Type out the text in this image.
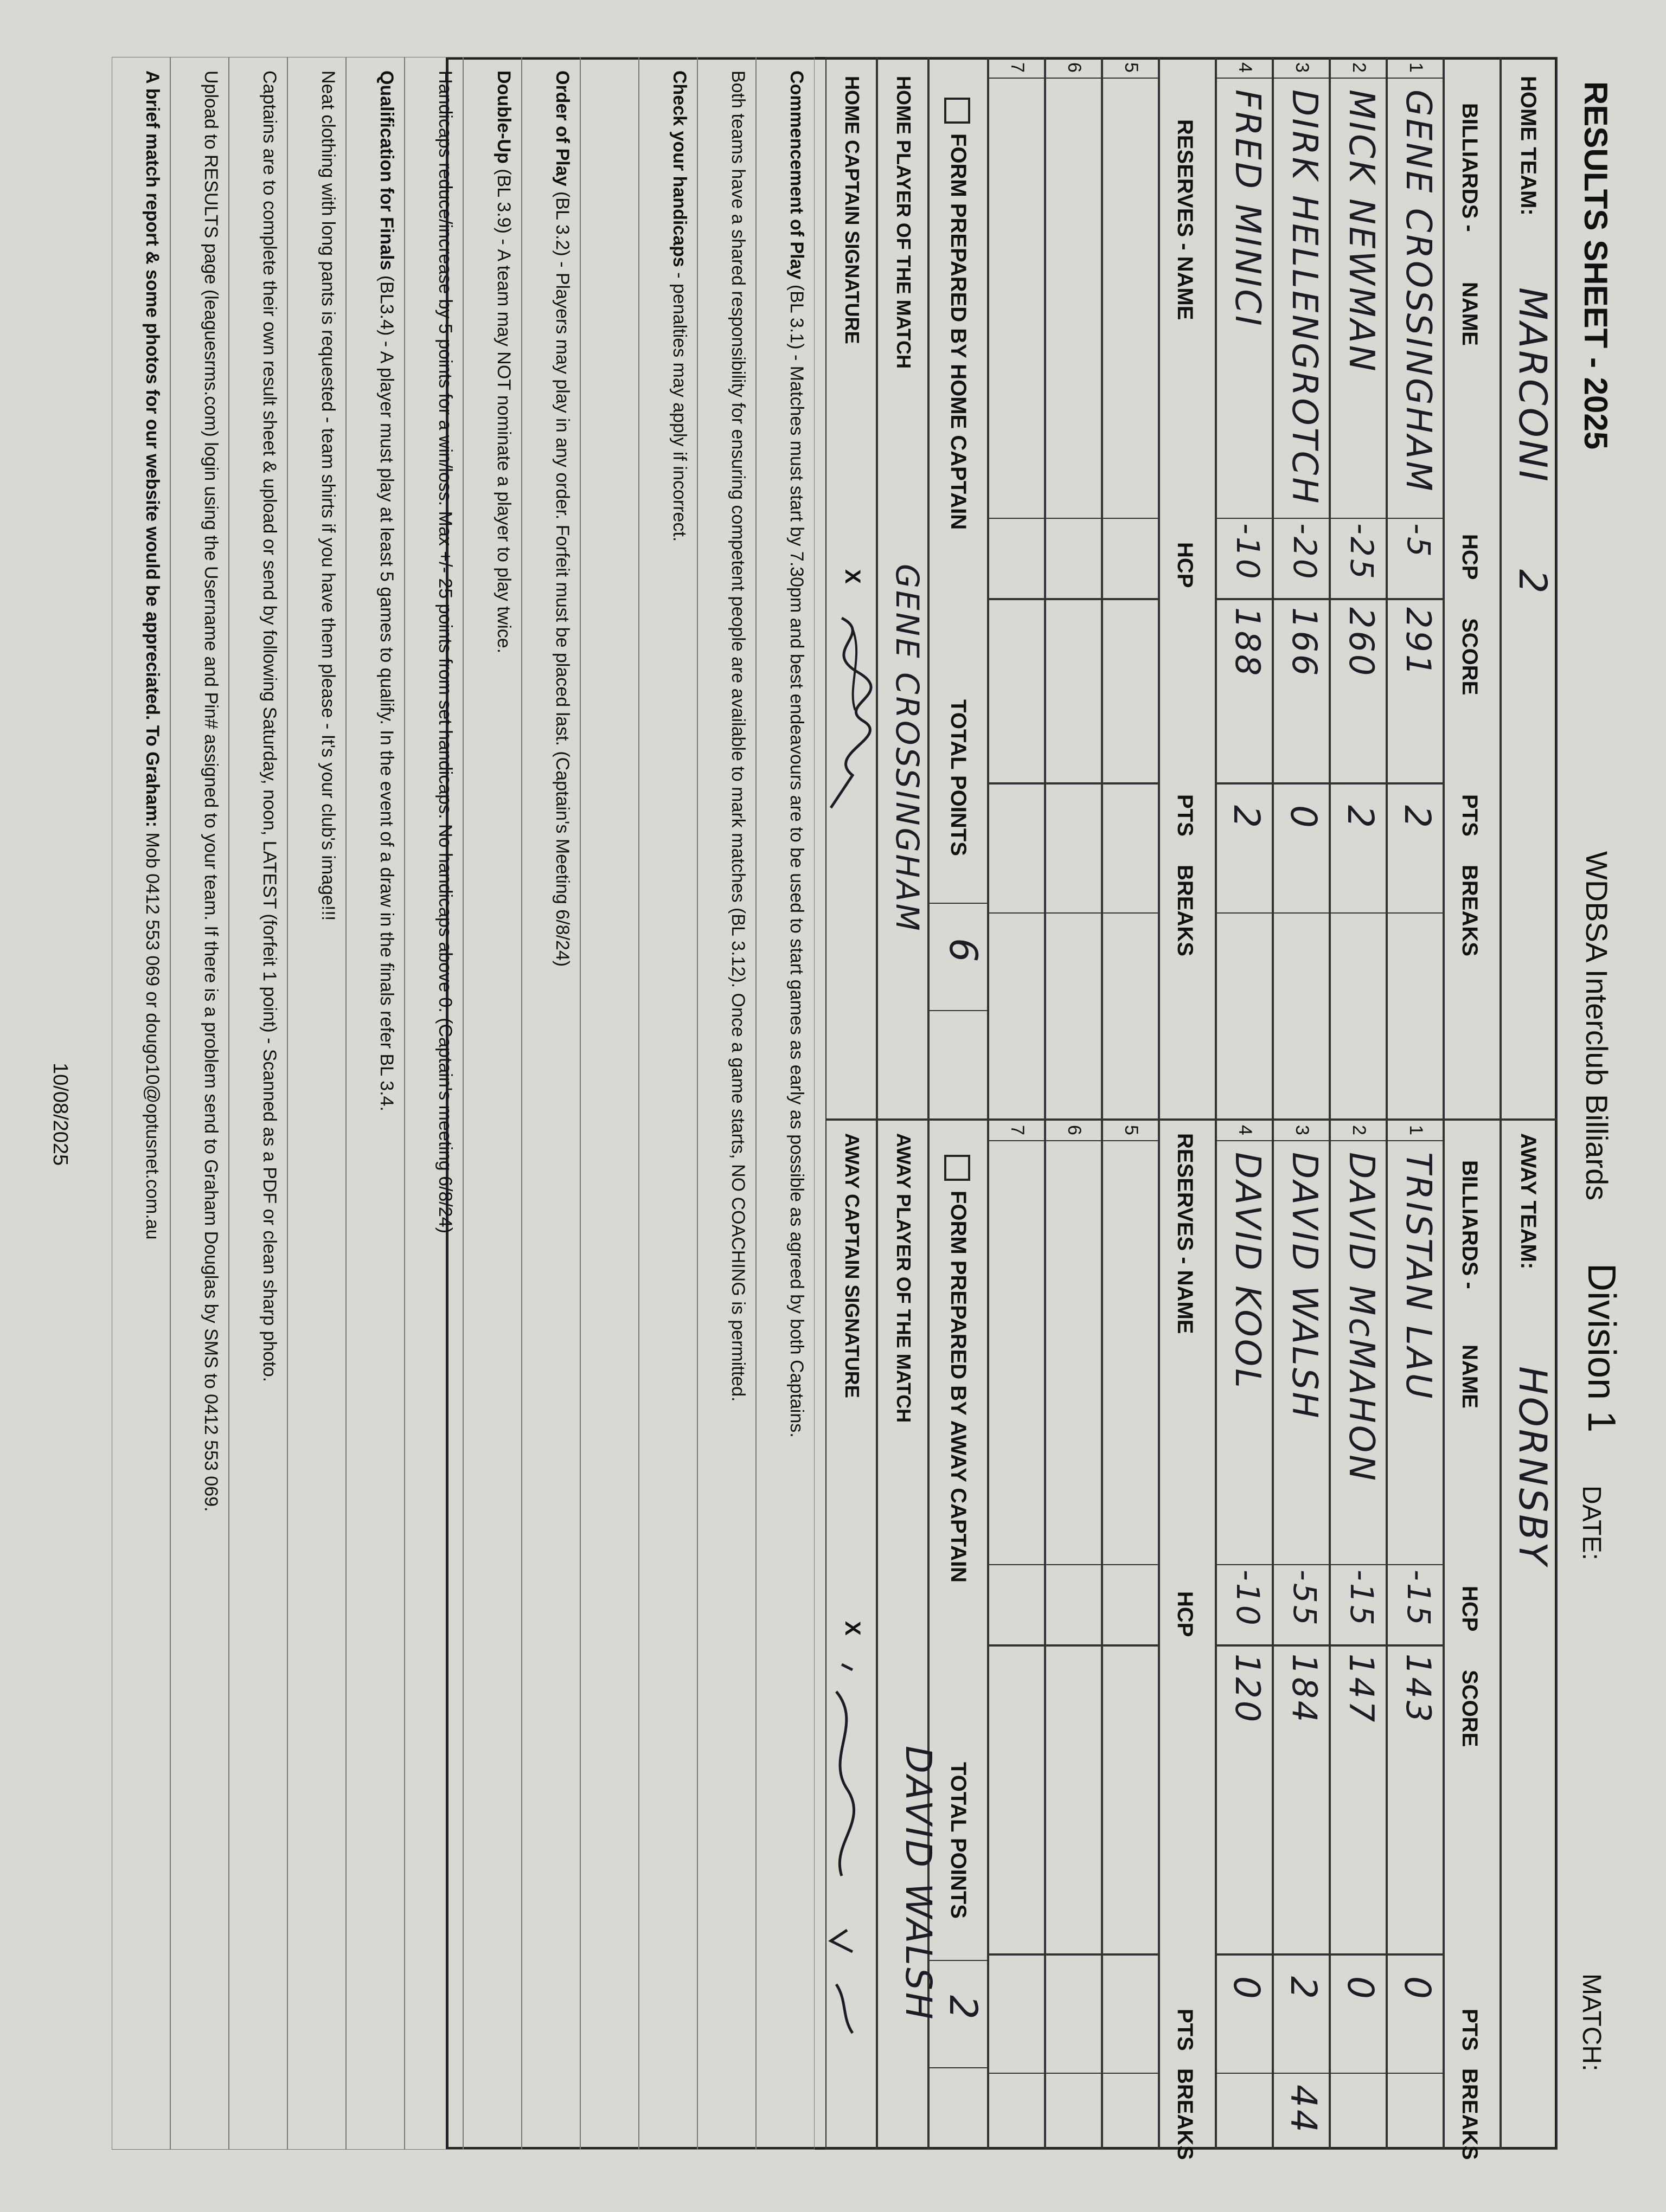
RESULTS SHEET - 2025
WDBSA Interclub Billiards
Division 1
DATE:
MATCH:
HOME TEAM:
MARCONI
2
BILLIARDS -
NAME
HCP
SCORE
PTS
BREAKS
1
GENE CROSSINGHAM
-5
291
2
2
MICK NEWMAN
-25
260
2
3
DIRK HELLENGROTCH
-20
166
0
4
FRED MINICI
-10
188
2
RESERVES - NAME
HCP
PTS
BREAKS
5
6
7
FORM PREPARED BY HOME CAPTAIN
TOTAL POINTS
6
HOME PLAYER OF THE MATCH
GENE CROSSINGHAM
HOME CAPTAIN SIGNATURE
X
AWAY TEAM:
HORNSBY
BILLIARDS -
NAME
HCP
SCORE
PTS
BREAKS
1
TRISTAN LAU
-15
143
0
2
DAVID McMAHON
-15
147
0
3
DAVID WALSH
-55
184
2
44
4
DAVID KOOL
-10
120
0
RESERVES - NAME
HCP
PTS
BREAKS
5
6
7
FORM PREPARED BY AWAY CAPTAIN
TOTAL POINTS
2
AWAY PLAYER OF THE MATCH
DAVID WALSH
AWAY CAPTAIN SIGNATURE
X
Commencement of Play (BL 3.1) - Matches must start by 7.30pm and best endeavours are to be used to start games as early as possible as agreed by both Captains.
Both teams have a shared responsibility for ensuring competent people are available to mark matches (BL 3.12). Once a game starts, NO COACHING is permitted.
Check your handicaps - penalties may apply if incorrect.
Order of Play (BL 3.2) - Players may play in any order. Forfeit must be placed last. (Captain's Meeting 6/8/24)
Double-Up (BL 3.9) - A team may NOT nominate a player to play twice.
Handicaps reduce/increase by 5 points for a win/loss. Max +/- 25 points from set handicaps. No handicaps above 0. (Captain's meeting 6/8/24)
Qualification for Finals (BL3.4) - A player must play at least 5 games to qualify. In the event of a draw in the finals refer BL 3.4.
Neat clothing with long pants is requested - team shirts if you have them please - It's your club's image!!!
Captains are to complete their own result sheet & upload or send by following Saturday, noon, LATEST (forfeit 1 point) - Scanned as a PDF or clean sharp photo.
Upload to RESULTS page (leaguesrms.com) login using the Username and Pin# assigned to your team. If there is a problem send to Graham Douglas by SMS to 0412 553 069.
A brief match report & some photos for our website would be appreciated. To Graham: Mob 0412 553 069 or dougo10@optusnet.com.au
10/08/2025
